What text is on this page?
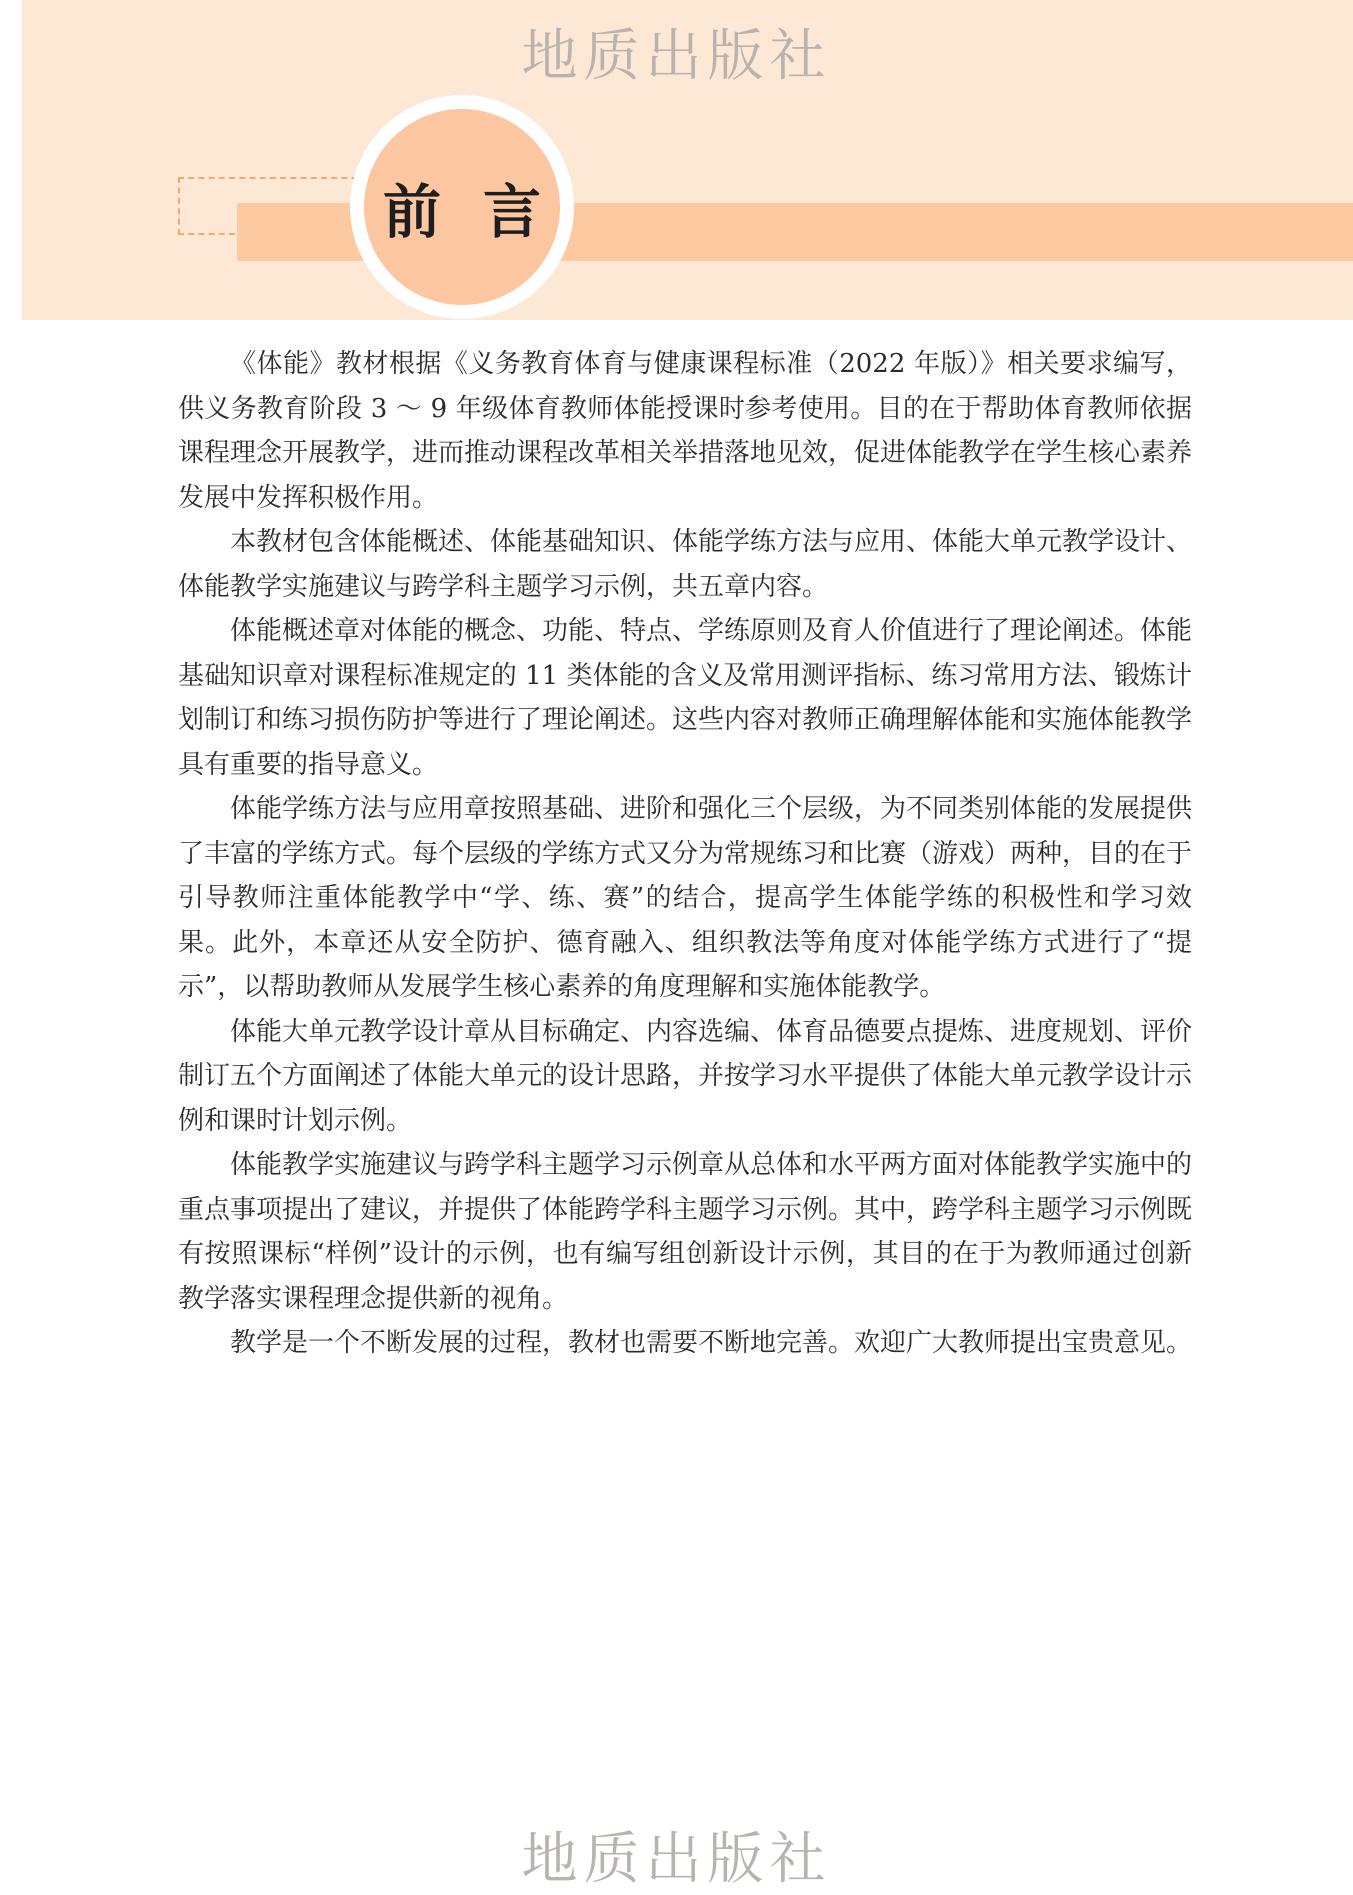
地质出版社
前言

《体能》教材根据《义务教育体育与健康课程标准（2022 年版）》相关要求编写，供义务教育阶段 3 ～ 9 年级体育教师体能授课时参考使用。目的在于帮助体育教师依据课程理念开展教学，进而推动课程改革相关举措落地见效，促进体能教学在学生核心素养发展中发挥积极作用。

本教材包含体能概述、体能基础知识、体能学练方法与应用、体能大单元教学设计、体能教学实施建议与跨学科主题学习示例，共五章内容。

体能概述章对体能的概念、功能、特点、学练原则及育人价值进行了理论阐述。体能基础知识章对课程标准规定的 11 类体能的含义及常用测评指标、练习常用方法、锻炼计划制订和练习损伤防护等进行了理论阐述。这些内容对教师正确理解体能和实施体能教学具有重要的指导意义。

体能学练方法与应用章按照基础、进阶和强化三个层级，为不同类别体能的发展提供了丰富的学练方式。每个层级的学练方式又分为常规练习和比赛（游戏）两种，目的在于引导教师注重体能教学中“学、练、赛”的结合，提高学生体能学练的积极性和学习效果。此外，本章还从安全防护、德育融入、组织教法等角度对体能学练方式进行了“提示”，以帮助教师从发展学生核心素养的角度理解和实施体能教学。

体能大单元教学设计章从目标确定、内容选编、体育品德要点提炼、进度规划、评价制订五个方面阐述了体能大单元的设计思路，并按学习水平提供了体能大单元教学设计示例和课时计划示例。

体能教学实施建议与跨学科主题学习示例章从总体和水平两方面对体能教学实施中的重点事项提出了建议，并提供了体能跨学科主题学习示例。其中，跨学科主题学习示例既有按照课标“样例”设计的示例，也有编写组创新设计示例，其目的在于为教师通过创新教学落实课程理念提供新的视角。

教学是一个不断发展的过程，教材也需要不断地完善。欢迎广大教师提出宝贵意见。

地质出版社
